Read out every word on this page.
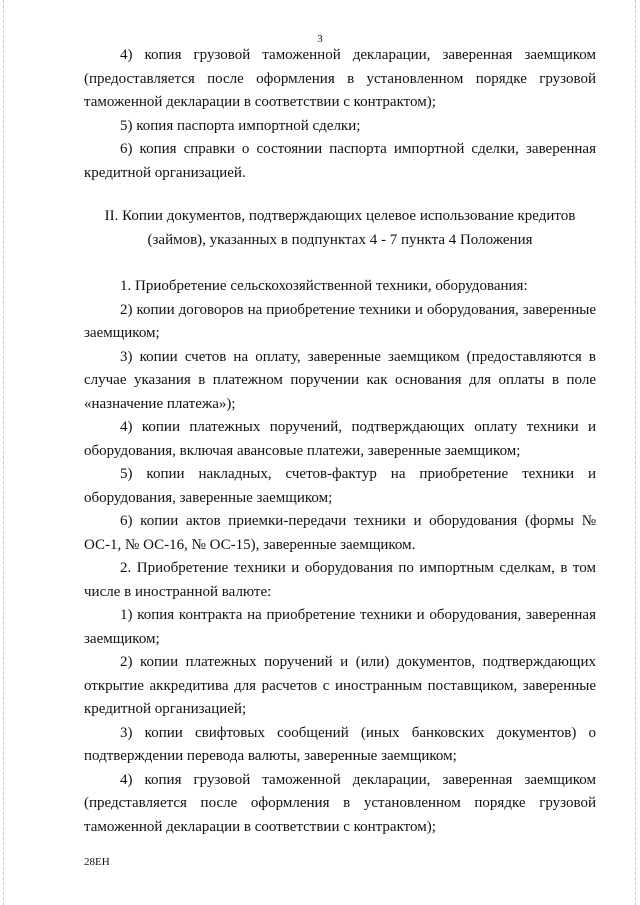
3

4) копия грузовой таможенной декларации, заверенная заемщиком (предоставляется после оформления в установленном порядке грузовой таможенной декларации в соответствии с контрактом);

5) копия паспорта импортной сделки;

6) копия справки о состоянии паспорта импортной сделки, заверенная кредитной организацией.

II. Копии документов, подтверждающих целевое использование кредитов (займов), указанных в подпунктах 4 - 7 пункта 4 Положения

1. Приобретение сельскохозяйственной техники, оборудования:

2) копии договоров на приобретение техники и оборудования, заверенные заемщиком;

3) копии счетов на оплату, заверенные заемщиком (предоставляются в случае указания в платежном поручении как основания для оплаты в поле «назначение платежа»);

4) копии платежных поручений, подтверждающих оплату техники и оборудования, включая авансовые платежи, заверенные заемщиком;

5) копии накладных, счетов-фактур на приобретение техники и оборудования, заверенные заемщиком;

6) копии актов приемки-передачи техники и оборудования (формы № ОС-1, № ОС-16, № ОС-15), заверенные заемщиком.

2. Приобретение техники и оборудования по импортным сделкам, в том числе в иностранной валюте:

1) копия контракта на приобретение техники и оборудования, заверенная заемщиком;

2) копии платежных поручений и (или) документов, подтверждающих открытие аккредитива для расчетов с иностранным поставщиком, заверенные кредитной организацией;

3) копии свифтовых сообщений (иных банковских документов) о подтверждении перевода валюты, заверенные заемщиком;

4) копия грузовой таможенной декларации, заверенная заемщиком (представляется после оформления в установленном порядке грузовой таможенной декларации в соответствии с контрактом);

28ЕН
